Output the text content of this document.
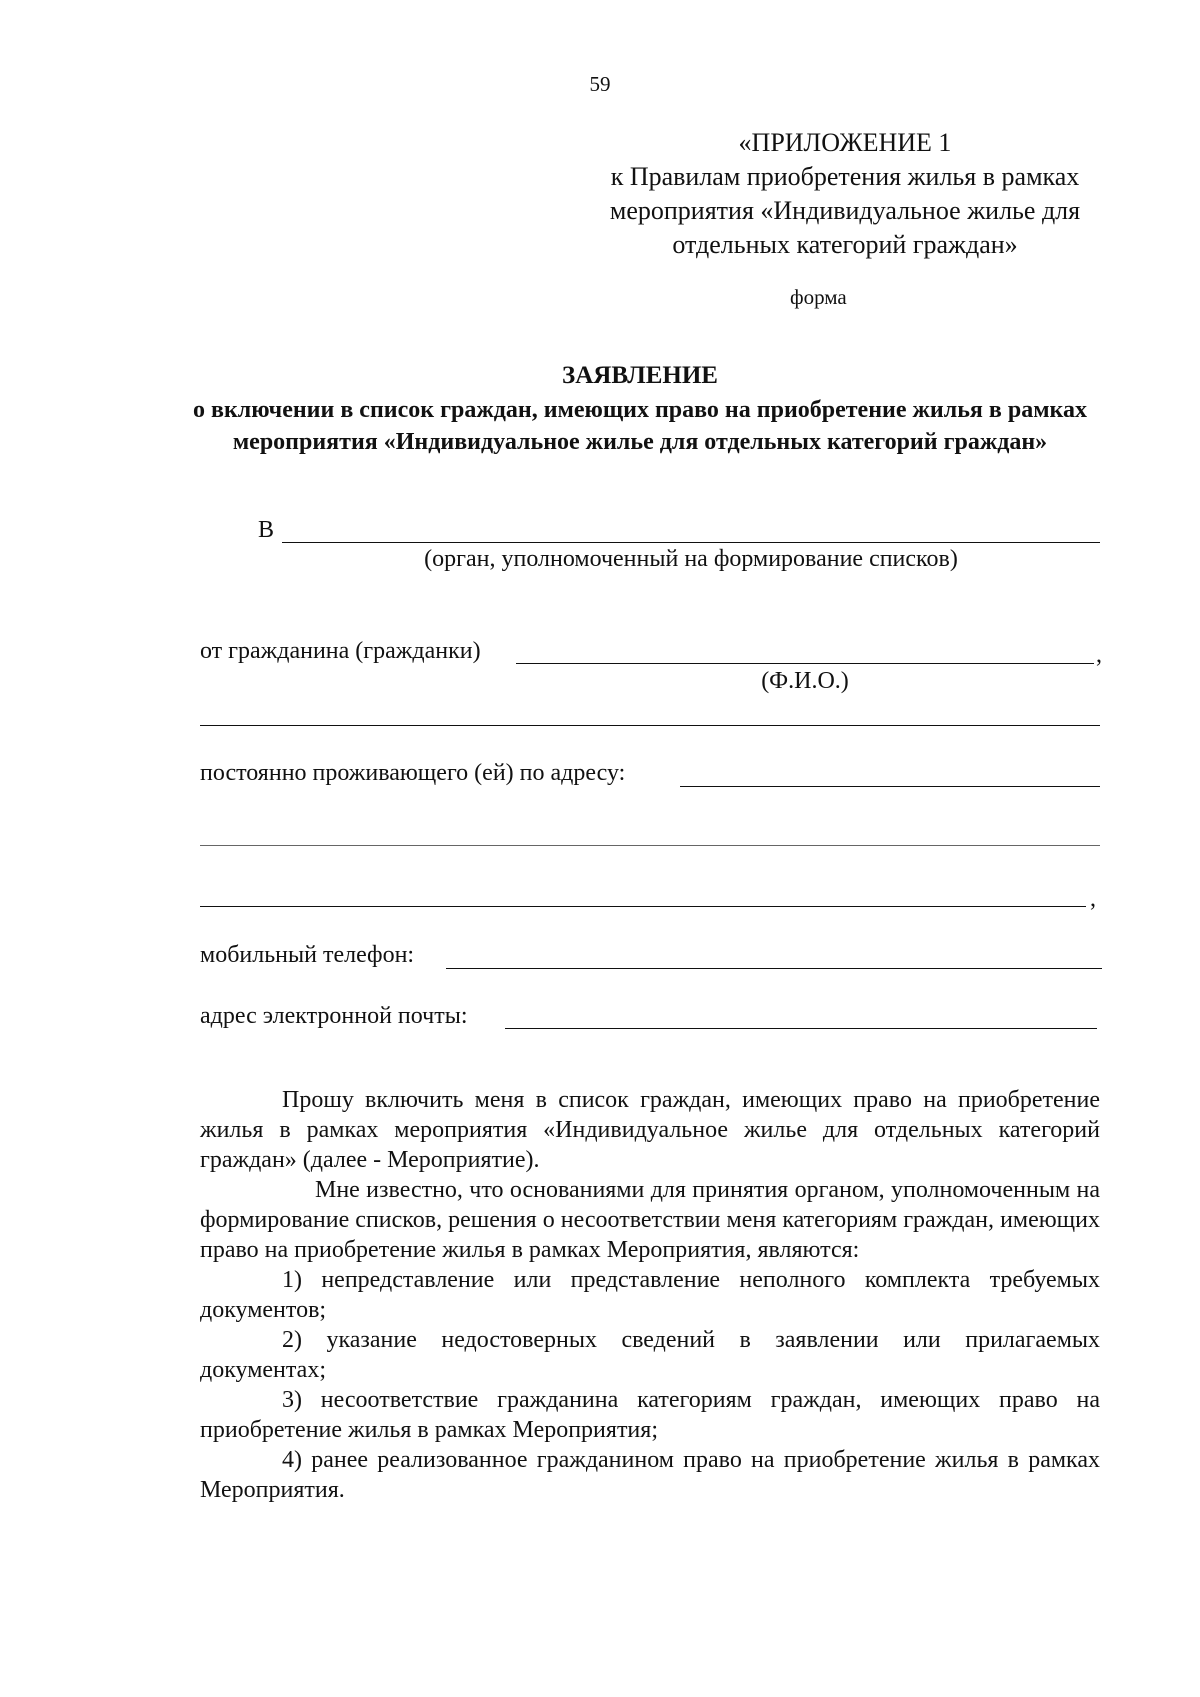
59
«ПРИЛОЖЕНИЕ 1
к Правилам приобретения жилья в рамках
мероприятия «Индивидуальное жилье для
отдельных категорий граждан»
форма
ЗАЯВЛЕНИЕ
о включении в список граждан, имеющих право на приобретение жилья в рамках мероприятия «Индивидуальное жилье для отдельных категорий граждан»
В
(орган, уполномоченный на формирование списков)
от гражданина (гражданки)	,
(Ф.И.О.)
постоянно проживающего (ей) по адресу:
,
мобильный телефон:
адрес электронной почты:

Прошу включить меня в список граждан, имеющих право на приобретение жилья в рамках мероприятия «Индивидуальное жилье для отдельных категорий граждан» (далее - Мероприятие).

Мне известно, что основаниями для принятия органом, уполномоченным на формирование списков, решения о несоответствии меня категориям граждан, имеющих право на приобретение жилья в рамках Мероприятия, являются:

1) непредставление или представление неполного комплекта требуемых документов;

2) указание недостоверных сведений в заявлении или прилагаемых документах;

3) несоответствие гражданина категориям граждан, имеющих право на приобретение жилья в рамках Мероприятия;

4) ранее реализованное гражданином право на приобретение жилья в рамках Мероприятия.
